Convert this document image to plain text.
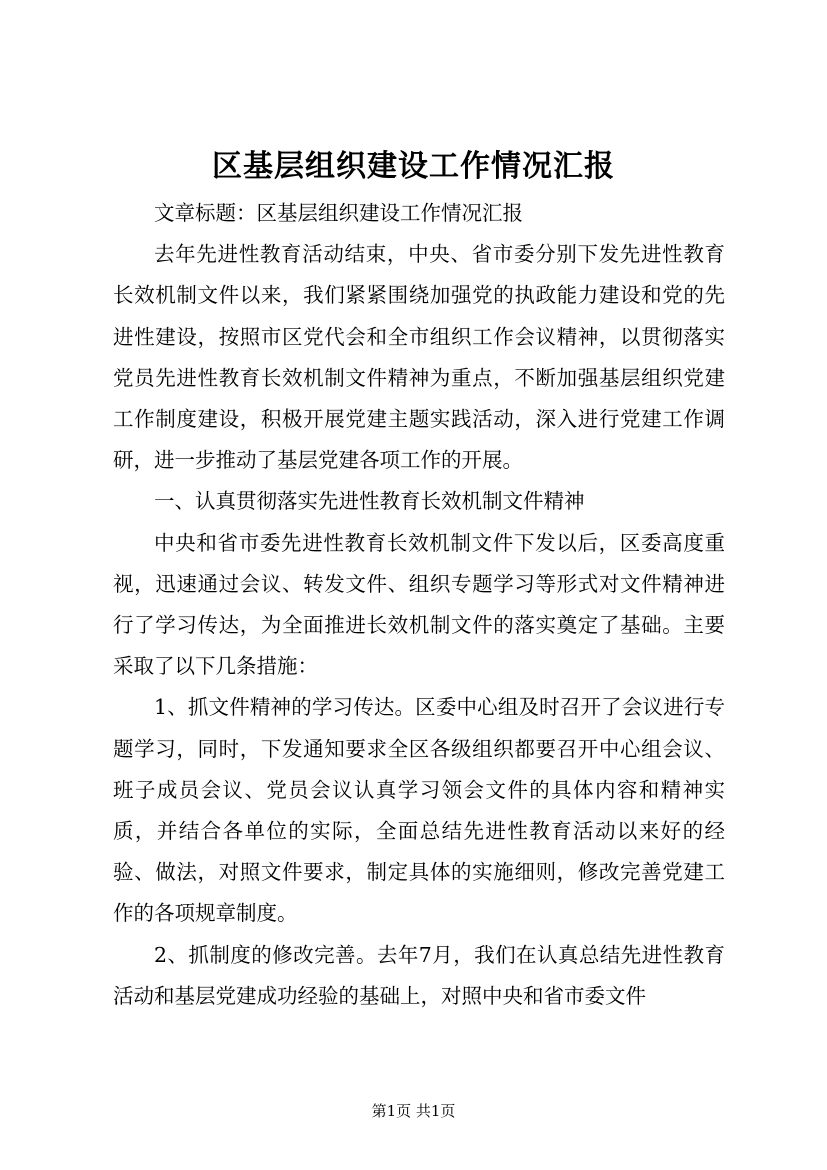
区基层组织建设工作情况汇报

文章标题：区基层组织建设工作情况汇报

去年先进性教育活动结束，中央、省市委分别下发先进性教育长效机制文件以来，我们紧紧围绕加强党的执政能力建设和党的先进性建设，按照市区党代会和全市组织工作会议精神，以贯彻落实党员先进性教育长效机制文件精神为重点，不断加强基层组织党建工作制度建设，积极开展党建主题实践活动，深入进行党建工作调研，进一步推动了基层党建各项工作的开展。

一、认真贯彻落实先进性教育长效机制文件精神

中央和省市委先进性教育长效机制文件下发以后，区委高度重视，迅速通过会议、转发文件、组织专题学习等形式对文件精神进行了学习传达，为全面推进长效机制文件的落实奠定了基础。主要采取了以下几条措施：

1、抓文件精神的学习传达。区委中心组及时召开了会议进行专题学习，同时，下发通知要求全区各级组织都要召开中心组会议、班子成员会议、党员会议认真学习领会文件的具体内容和精神实质，并结合各单位的实际，全面总结先进性教育活动以来好的经验、做法，对照文件要求，制定具体的实施细则，修改完善党建工作的各项规章制度。

2、抓制度的修改完善。去年7月，我们在认真总结先进性教育活动和基层党建成功经验的基础上，对照中央和省市委文件

第1页 共1页
